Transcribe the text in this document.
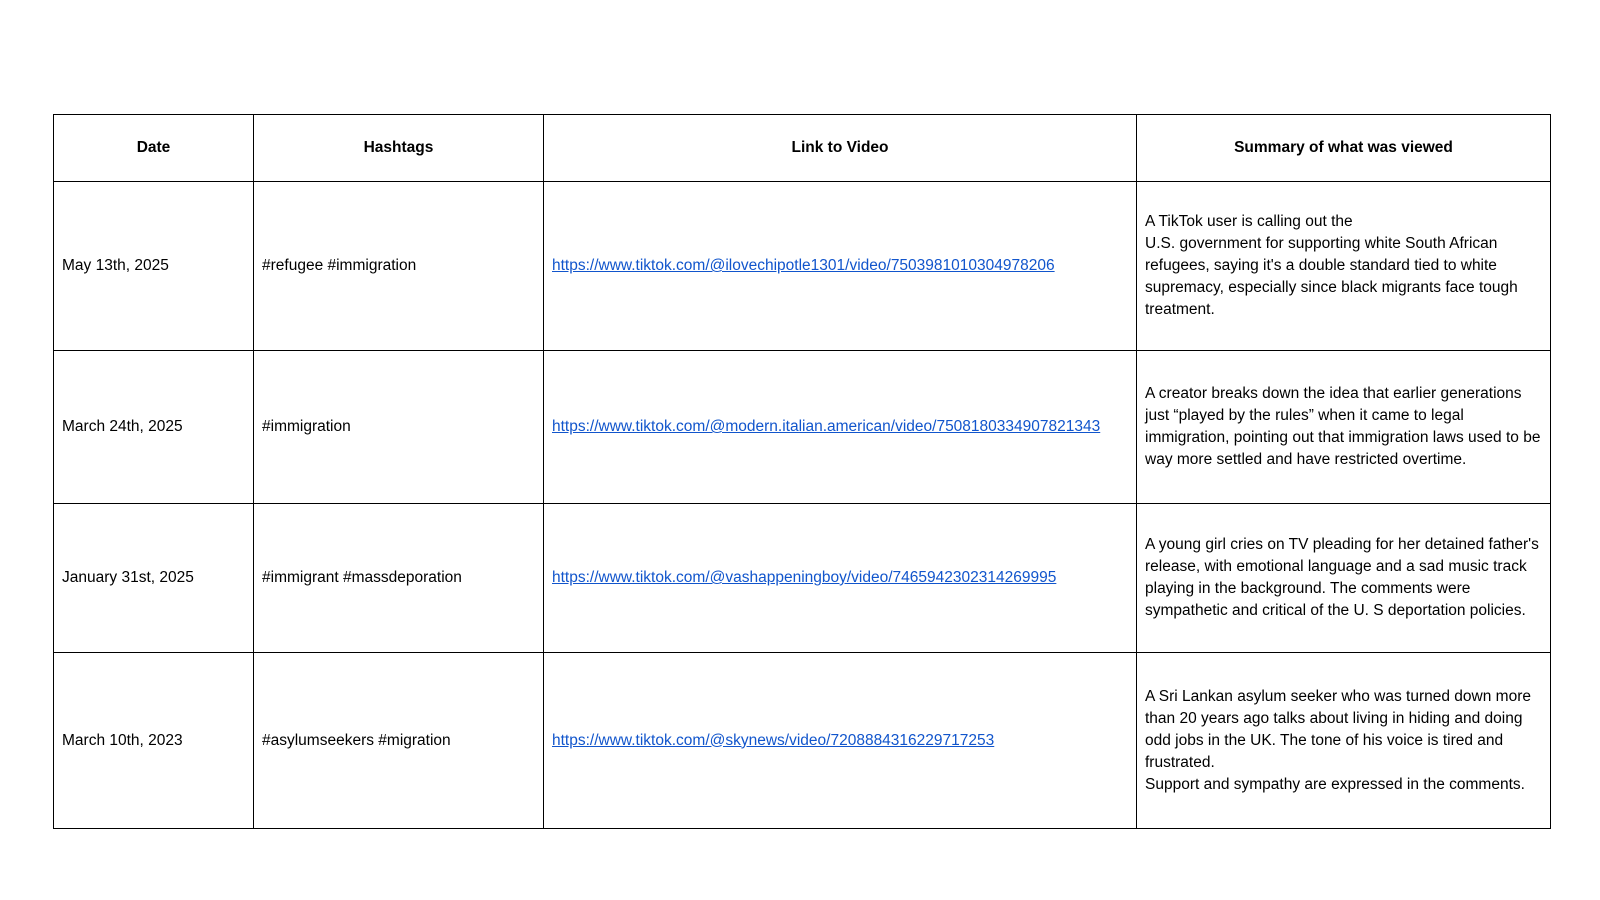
Date	Hashtags	Link to Video	Summary of what was viewed
May 13th, 2025	#refugee #immigration	https://www.tiktok.com/@ilovechipotle1301/video/7503981010304978206	A TikTok user is calling out the
U.S. government for supporting white South African refugees, saying it's a double standard tied to white supremacy, especially since black migrants face tough treatment.

March 24th, 2025	#immigration	https://www.tiktok.com/@modern.italian.american/video/7508180334907821343	A creator breaks down the idea that earlier generations just “played by the rules” when it came to legal immigration, pointing out that immigration laws used to be way more settled and have restricted overtime.

January 31st, 2025	#immigrant #massdeporation	https://www.tiktok.com/@vashappeningboy/video/7465942302314269995	A young girl cries on TV pleading for her detained father's release, with emotional language and a sad music track playing in the background. The comments were sympathetic and critical of the U. S deportation policies.

March 10th, 2023	#asylumseekers #migration	https://www.tiktok.com/@skynews/video/7208884316229717253	A Sri Lankan asylum seeker who was turned down more than 20 years ago talks about living in hiding and doing odd jobs in the UK. The tone of his voice is tired and frustrated.
Support and sympathy are expressed in the comments.
